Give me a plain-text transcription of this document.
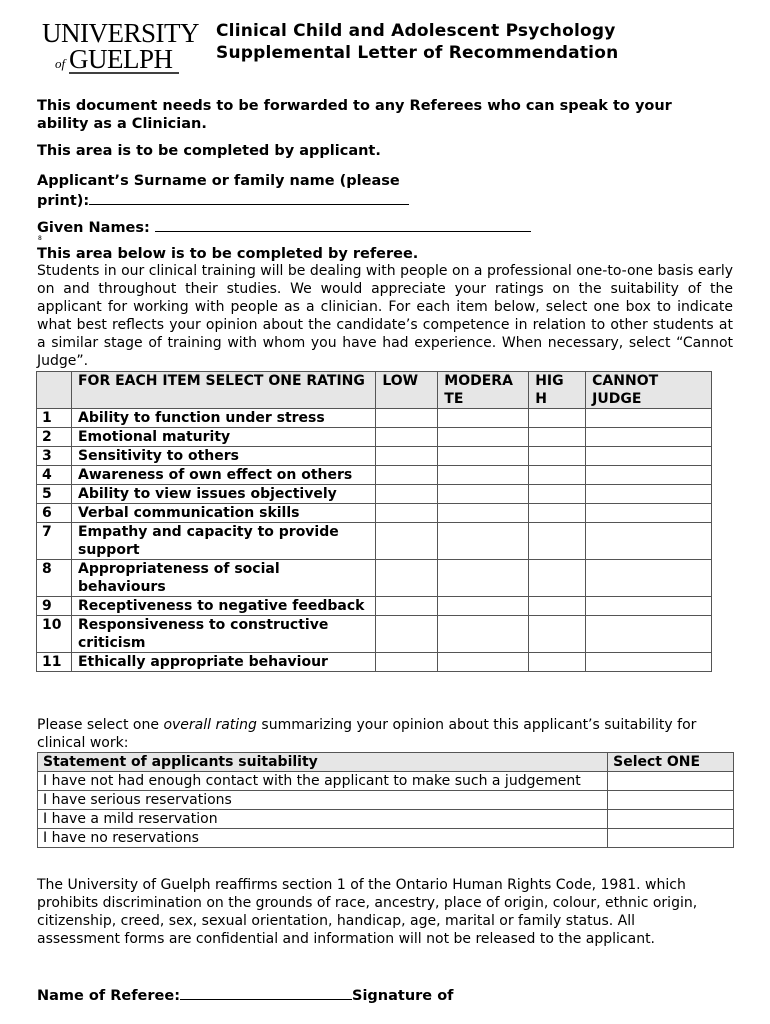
UNIVERSITY
of GUELPH
Clinical Child and Adolescent Psychology
Supplemental Letter of Recommendation
This document needs to be forwarded to any Referees who can speak to your ability as a Clinician.
This area is to be completed by applicant.
Applicant’s Surname or family name (please
print):
Given Names:
8
This area below is to be completed by referee.
Students in our clinical training will be dealing with people on a professional one-to-one basis early on and throughout their studies. We would appreciate your ratings on the suitability of the applicant for working with people as a clinician. For each item below, select one box to indicate what best reflects your opinion about the candidate’s competence in relation to other students at a similar stage of training with whom you have had experience. When necessary, select “Cannot Judge”.
	FOR EACH ITEM SELECT ONE RATING	LOW	MODERA TE	HIG H	CANNOT JUDGE
1	Ability to function under stress				
2	Emotional maturity				
3	Sensitivity to others				
4	Awareness of own effect on others				
5	Ability to view issues objectively				
6	Verbal communication skills				
7	Empathy and capacity to provide support				
8	Appropriateness of social behaviours				
9	Receptiveness to negative feedback				
10	Responsiveness to constructive criticism				
11	Ethically appropriate behaviour				
Please select one overall rating summarizing your opinion about this applicant’s suitability for clinical work:
Statement of applicants suitability	Select ONE
I have not had enough contact with the applicant to make such a judgement	
I have serious reservations	
I have a mild reservation	
I have no reservations	
The University of Guelph reaffirms section 1 of the Ontario Human Rights Code, 1981. which prohibits discrimination on the grounds of race, ancestry, place of origin, colour, ethnic origin, citizenship, creed, sex, sexual orientation, handicap, age, marital or family status. All assessment forms are confidential and information will not be released to the applicant.
Name of Referee:	Signature of
